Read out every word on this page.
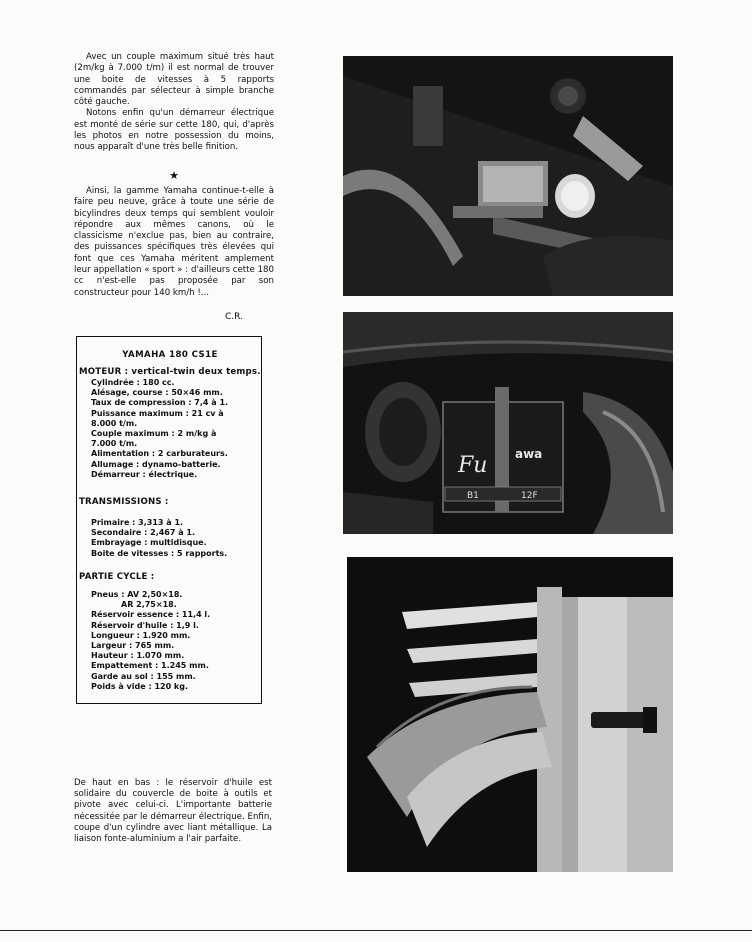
Avec un couple maximum situé très haut (2m/kg à 7.000 t/m) il est normal de trouver une boite de vitesses à 5 rapports commandés par sélecteur à simple branche côté gauche.

Notons enfin qu'un démarreur électrique est monté de série sur cette 180, qui, d'après les photos en notre possession du moins, nous apparaît d'une très belle finition.

★

Ainsi, la gamme Yamaha continue-t-elle à faire peu neuve, grâce à toute une série de bicylindres deux temps qui semblent vouloir répondre aux mêmes canons, où le classicisme n'exclue pas, bien au contraire, des puissances spécifiques très élevées qui font que ces Yamaha méritent amplement leur appellation « sport » : d'ailleurs cette 180 cc n'est-elle pas proposée par son constructeur pour 140 km/h !...

C.R.
YAMAHA 180 CS1E
MOTEUR : vertical-twin deux temps.
Cylindrée : 180 cc.
Alésage, course : 50×46 mm.
Taux de compression : 7,4 à 1.
Puissance maximum : 21 cv à
8.000 t/m.
Couple maximum : 2 m/kg à
7.000 t/m.
Alimentation : 2 carburateurs.
Allumage : dynamo-batterie.
Démarreur : électrique.
TRANSMISSIONS :
Primaire : 3,313 à 1.
Secondaire : 2,467 à 1.
Embrayage : multidisque.
Boite de vitesses : 5 rapports.
PARTIE CYCLE :
Pneus : AV 2,50×18.
AR 2,75×18.
Réservoir essence : 11,4 l.
Réservoir d'huile : 1,9 l.
Longueur : 1.920 mm.
Largeur : 765 mm.
Hauteur : 1.070 mm.
Empattement : 1.245 mm.
Garde au sol : 155 mm.
Poids à vide : 120 kg.
Fu awa
B1	12F
De haut en bas : le réservoir d'huile est solidaire du couvercle de boite à outils et pivote avec celui-ci. L'importante batterie nécessitée par le démarreur électrique. Enfin, coupe d'un cylindre avec liant métallique. La liaison fonte-aluminium a l'air parfaite.
